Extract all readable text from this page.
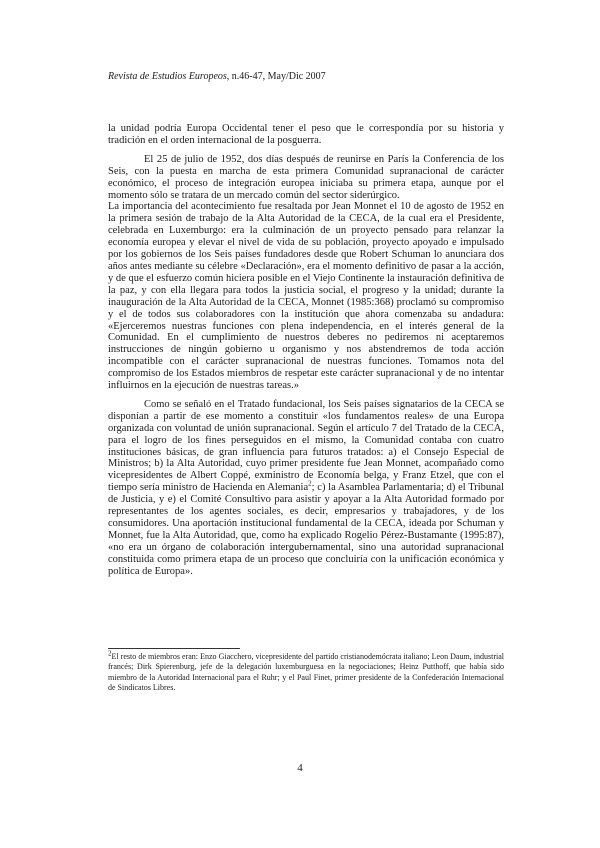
Revista de Estudios Europeos, n.46-47, May/Dic 2007

la unidad podría Europa Occidental tener el peso que le correspondía por su historia y tradición en el orden internacional de la posguerra.

El 25 de julio de 1952, dos días después de reunirse en París la Conferencia de los Seis, con la puesta en marcha de esta primera Comunidad supranacional de carácter económico, el proceso de integración europea iniciaba su primera etapa, aunque por el momento sólo se tratara de un mercado común del sector siderúrgico.

La importancia del acontecimiento fue resaltada por Jean Monnet el 10 de agosto de 1952 en la primera sesión de trabajo de la Alta Autoridad de la CECA, de la cual era el Presidente, celebrada en Luxemburgo: era la culminación de un proyecto pensado para relanzar la economía europea y elevar el nivel de vida de su población, proyecto apoyado e impulsado por los gobiernos de los Seis países fundadores desde que Robert Schuman lo anunciara dos años antes mediante su célebre «Declaración», era el momento definitivo de pasar a la acción, y de que el esfuerzo común hiciera posible en el Viejo Continente la instauración definitiva de la paz, y con ella llegara para todos la justicia social, el progreso y la unidad; durante la inauguración de la Alta Autoridad de la CECA, Monnet (1985:368) proclamó su compromiso y el de todos sus colaboradores con la institución que ahora comenzaba su andadura: «Ejerceremos nuestras funciones con plena independencia, en el interés general de la Comunidad. En el cumplimiento de nuestros deberes no pediremos ni aceptaremos instrucciones de ningún gobierno u organismo y nos abstendremos de toda acción incompatible con el carácter supranacional de nuestras funciones. Tomamos nota del compromiso de los Estados miembros de respetar este carácter supranacional y de no intentar influirnos en la ejecución de nuestras tareas.»

Como se señaló en el Tratado fundacional, los Seis países signatarios de la CECA se disponían a partir de ese momento a constituir «los fundamentos reales» de una Europa organizada con voluntad de unión supranacional. Según el artículo 7 del Tratado de la CECA, para el logro de los fines perseguidos en el mismo, la Comunidad contaba con cuatro instituciones básicas, de gran influencia para futuros tratados: a) el Consejo Especial de Ministros; b) la Alta Autoridad, cuyo primer presidente fue Jean Monnet, acompañado como vicepresidentes de Albert Coppé, exministro de Economía belga, y Franz Etzel, que con el tiempo sería ministro de Hacienda en Alemania$^2$; c) la Asamblea Parlamentaria; d) el Tribunal de Justicia, y e) el Comité Consultivo para asistir y apoyar a la Alta Autoridad formado por representantes de los agentes sociales, es decir, empresarios y trabajadores, y de los consumidores. Una aportación institucional fundamental de la CECA, ideada por Schuman y Monnet, fue la Alta Autoridad, que, como ha explicado Rogelio Pérez-Bustamante (1995:87), «no era un órgano de colaboración intergubernamental, sino una autoridad supranacional constituida como primera etapa de un proceso que concluiría con la unificación económica y política de Europa».

$^2$El resto de miembros eran: Enzo Giacchero, vicepresidente del partido cristianodemócrata italiano; Leon Daum, industrial francés; Dirk Spierenburg, jefe de la delegación luxemburguesa en la negociaciones; Heinz Putthoff, que había sido miembro de la Autoridad Internacional para el Ruhr; y el Paul Finet, primer presidente de la Confederación Internacional de Sindicatos Libres.

4
